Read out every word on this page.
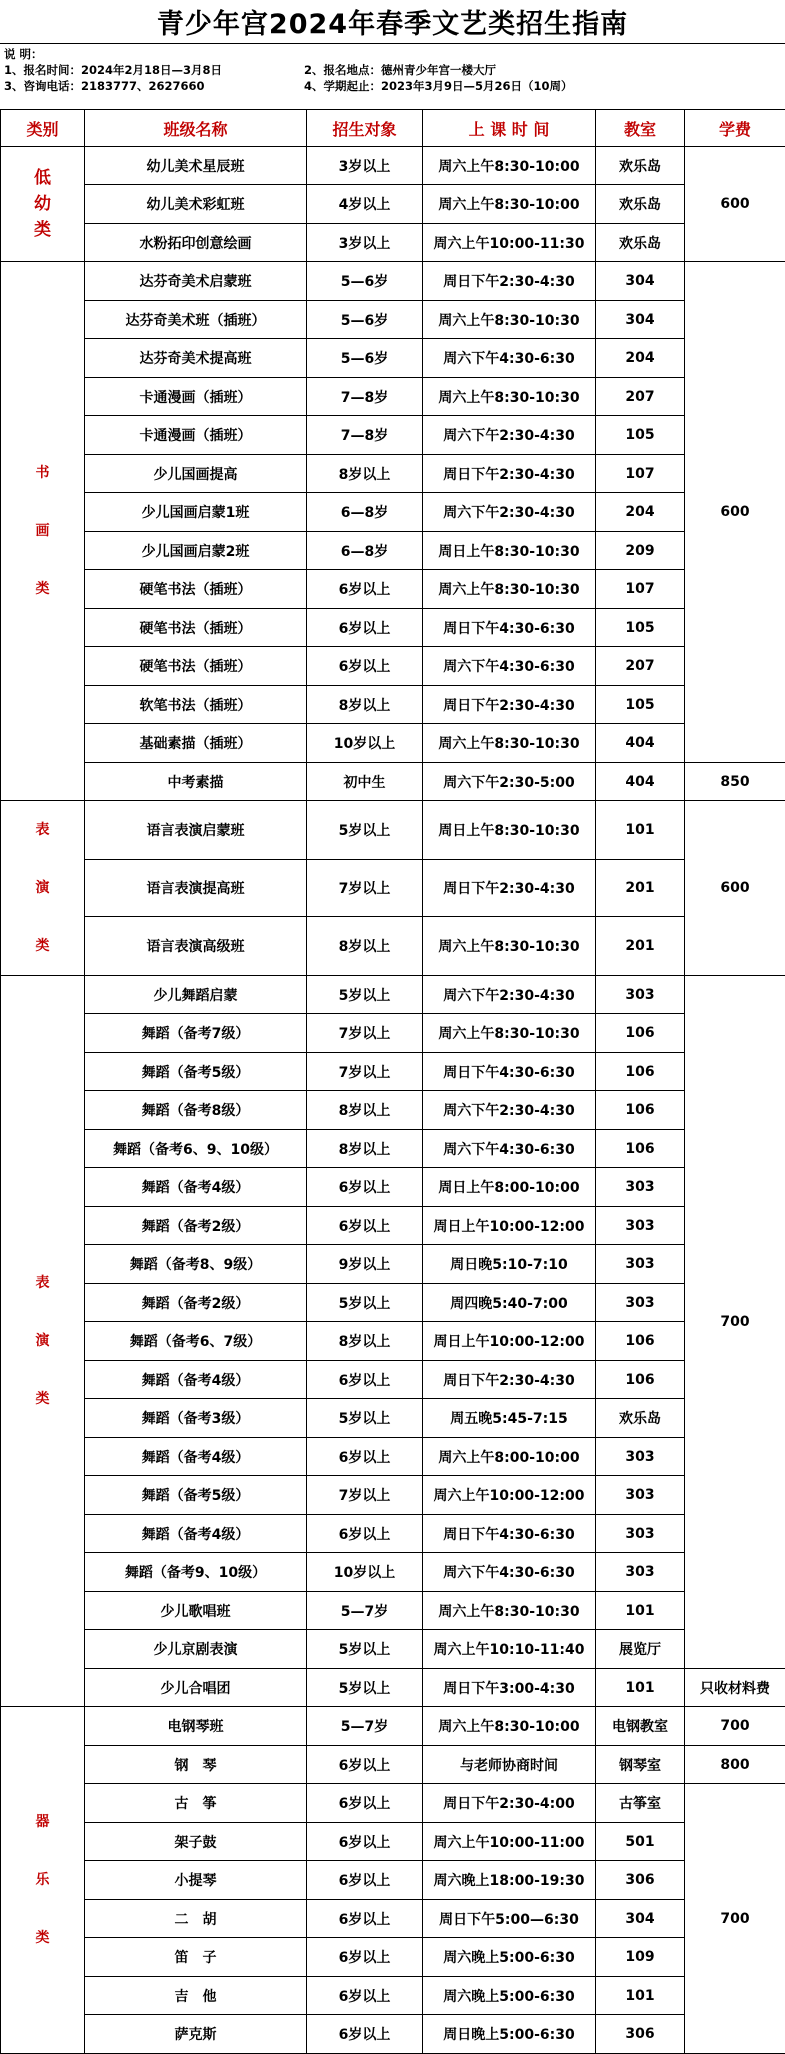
青少年宫2024年春季文艺类招生指南
说 明：
1、报名时间：2024年2月18日—3月8日	2、报名地点：德州青少年宫一楼大厅
3、咨询电话：2183777、2627660	4、学期起止：2023年3月9日—5月26日（10周）
类别	班级名称	招生对象	上 课 时 间	教室	学费
低
幼
类	幼儿美术星辰班	3岁以上	周六上午8:30-10:00	欢乐岛	600
	幼儿美术彩虹班	4岁以上	周六上午8:30-10:00	欢乐岛	
	水粉拓印创意绘画	3岁以上	周六上午10:00-11:30	欢乐岛	
书
画
类	达芬奇美术启蒙班	5—6岁	周日下午2:30-4:30	304	600
	达芬奇美术班（插班）	5—6岁	周六上午8:30-10:30	304	
	达芬奇美术提高班	5—6岁	周六下午4:30-6:30	204	
	卡通漫画（插班）	7—8岁	周六上午8:30-10:30	207	
	卡通漫画（插班）	7—8岁	周六下午2:30-4:30	105	
	少儿国画提高	8岁以上	周日下午2:30-4:30	107	
	少儿国画启蒙1班	6—8岁	周六下午2:30-4:30	204	
	少儿国画启蒙2班	6—8岁	周日上午8:30-10:30	209	
	硬笔书法（插班）	6岁以上	周六上午8:30-10:30	107	
	硬笔书法（插班）	6岁以上	周日下午4:30-6:30	105	
	硬笔书法（插班）	6岁以上	周六下午4:30-6:30	207	
	软笔书法（插班）	8岁以上	周日下午2:30-4:30	105	
	基础素描（插班）	10岁以上	周六上午8:30-10:30	404	
	中考素描	初中生	周六下午2:30-5:00	404	850
表
演
类	语言表演启蒙班	5岁以上	周日上午8:30-10:30	101	600
	语言表演提高班	7岁以上	周日下午2:30-4:30	201	
	语言表演高级班	8岁以上	周六上午8:30-10:30	201	
表
演
类	少儿舞蹈启蒙	5岁以上	周六下午2:30-4:30	303	700
	舞蹈（备考7级）	7岁以上	周六上午8:30-10:30	106	
	舞蹈（备考5级）	7岁以上	周日下午4:30-6:30	106	
	舞蹈（备考8级）	8岁以上	周六下午2:30-4:30	106	
	舞蹈（备考6、9、10级）	8岁以上	周六下午4:30-6:30	106	
	舞蹈（备考4级）	6岁以上	周日上午8:00-10:00	303	
	舞蹈（备考2级）	6岁以上	周日上午10:00-12:00	303	
	舞蹈（备考8、9级）	9岁以上	周日晚5:10-7:10	303	
	舞蹈（备考2级）	5岁以上	周四晚5:40-7:00	303	
	舞蹈（备考6、7级）	8岁以上	周日上午10:00-12:00	106	
	舞蹈（备考4级）	6岁以上	周日下午2:30-4:30	106	
	舞蹈（备考3级）	5岁以上	周五晚5:45-7:15	欢乐岛	
	舞蹈（备考4级）	6岁以上	周六上午8:00-10:00	303	
	舞蹈（备考5级）	7岁以上	周六上午10:00-12:00	303	
	舞蹈（备考4级）	6岁以上	周日下午4:30-6:30	303	
	舞蹈（备考9、10级）	10岁以上	周六下午4:30-6:30	303	
	少儿歌唱班	5—7岁	周六上午8:30-10:30	101	
	少儿京剧表演	5岁以上	周六上午10:10-11:40	展览厅	
	少儿合唱团	5岁以上	周日下午3:00-4:30	101	只收材料费
器
乐
类	电钢琴班	5—7岁	周六上午8:30-10:00	电钢教室	700
	钢　琴	6岁以上	与老师协商时间	钢琴室	800
	古　筝	6岁以上	周日下午2:30-4:00	古筝室	700
	架子鼓	6岁以上	周六上午10:00-11:00	501	
	小提琴	6岁以上	周六晚上18:00-19:30	306	
	二　胡	6岁以上	周日下午5:00—6:30	304	
	笛　子	6岁以上	周六晚上5:00-6:30	109	
	吉　他	6岁以上	周六晚上5:00-6:30	101	
	萨克斯	6岁以上	周日晚上5:00-6:30	306	
